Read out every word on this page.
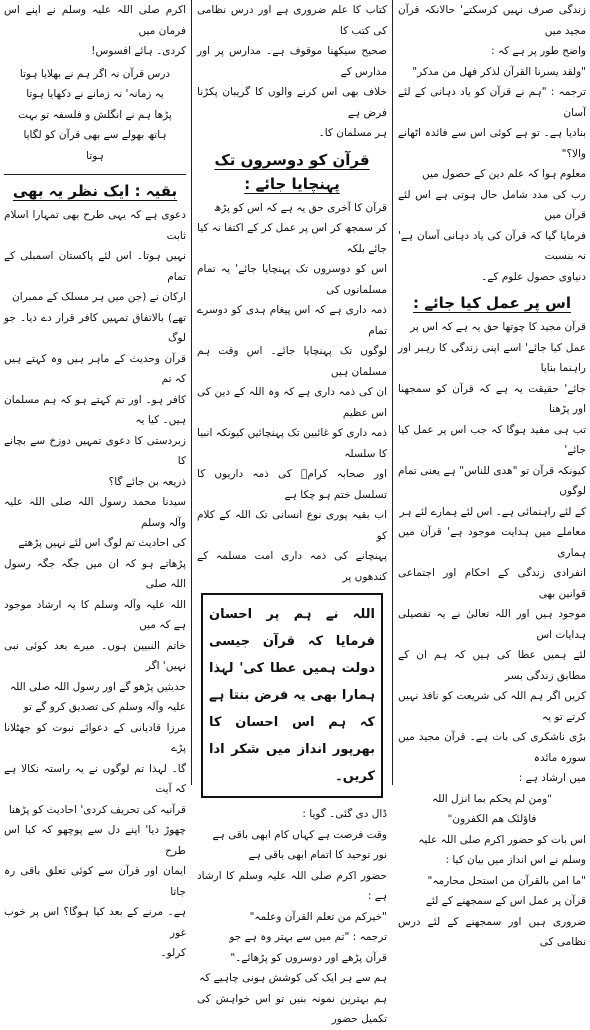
زندگی صرف نہیں کرسکتے' حالانکہ قرآن مجید میں

واضح طور پر ہے کہ :

"ولقد یسرنا القرآن لذکر فھل من مدکر"

ترجمہ : "ہم نے قرآن کو یاد دہانی کے لئے آسان

بنادیا ہے۔ تو ہے کوئی اس سے فائدہ اٹھانے والا؟"

معلوم ہوا کہ علم دین کے حصول میں

رب کی مدد شامل حال ہوتی ہے اس لئے قرآن میں

فرمایا گیا کہ قرآن کی یاد دہانی آسان ہے' نہ بنسبت

دنیاوی حصول علوم کے۔

اس پر عمل کیا جائے :

قرآن مجید کا چوتھا حق یہ ہے کہ اس پر

عمل کیا جائے' اسے اپنی زندگی کا رہبر اور راہنما بنایا

جائے' حقیقت یہ ہے کہ قرآن کو سمجھنا اور پڑھنا

تب ہی مفید ہوگا کہ جب اس پر عمل کیا جائے'

کیونکہ قرآن تو "ھدی للناس" ہے یعنی تمام لوگوں

کے لئے راہنمائی ہے۔ اس لئے ہمارے لئے ہر

معاملے میں ہدایت موجود ہے' قرآن میں ہماری

انفرادی زندگی کے احکام اور اجتماعی قوانین بھی

موجود ہیں اور اللہ تعالیٰ نے یہ تفصیلی ہدایات اس

لئے ہمیں عطا کی ہیں کہ ہم ان کے مطابق زندگی بسر

کریں اگر ہم اللہ کی شریعت کو نافذ نہیں کرتے تو یہ

بڑی ناشکری کی بات ہے۔ قرآن مجید میں سورہ مائدہ

میں ارشاد ہے :

"ومن لم یحکم بما انزل اللہ

فاؤلئک ھم الکفرون"

اس بات کو حضور اکرم صلی اللہ علیہ

وسلم نے اس انداز میں بیان کیا :

"ما امن بالقرآن من استحل محارمہ"

قرآن پر عمل اس کے سمجھنے کے لئے

ضروری ہیں اور سمجھنے کے لئے درس نظامی کی

کتاب کا علم ضروری ہے اور درس نظامی کی کتب کا

صحیح سیکھنا موقوف ہے۔ مدارس پر اور مدارس کے

خلاف بھی اس کرنے والوں کا گریبان پکڑنا فرض ہے

ہر مسلمان کا۔

قرآن کو دوسروں تک پہنچایا جائے :

قرآن کا آخری حق یہ ہے کہ اس کو پڑھ

کر سمجھ کر اس پر عمل کر کے اکتفا نہ کیا جائے بلکہ

اس کو دوسروں تک پہنچایا جائے' یہ تمام مسلمانوں کی

ذمہ داری ہے کہ اس پیغام ہدی کو دوسرے تمام

لوگوں تک پہنچایا جائے۔ اس وقت ہم مسلمان ہیں

ان کی ذمہ داری ہے کہ وہ اللہ کے دین کی اس عظیم

ذمہ داری کو غائبین تک پہنچائیں کیونکہ انبیا کا سلسلہ

اور صحابہ کرامؓ کی ذمہ داریوں کا تسلسل ختم ہو چکا ہے

اب بقیہ پوری نوع انسانی تک اللہ کے کلام کو

پہنچانے کی ذمہ داری امت مسلمہ کے کندھوں پر

اللہ نے ہم پر احسان فرمایا کہ قرآن جیسی دولت ہمیں عطا کی' لہذا ہمارا بھی یہ فرض بنتا ہے کہ ہم اس احسان کا بھرپور انداز میں شکر ادا کریں۔

ڈال دی گئی۔ گویا :

وقت فرصت ہے کہاں کام ابھی باقی ہے

نور توحید کا اتمام ابھی باقی ہے

حضور اکرم صلی اللہ علیہ وسلم کا ارشاد ہے :

"خیرکم من تعلم القرآن وعلمہ"

ترجمہ : "تم میں سے بہتر وہ ہے جو

قرآن پڑھے اور دوسروں کو پڑھائے۔"

ہم سے ہر ایک کی کوشش ہونی چاہیے کہ

ہم بہترین نمونہ بنیں تو اس خواہش کی تکمیل حضور

اکرم صلی اللہ علیہ وسلم نے اپنے اس فرمان میں

کردی۔ ہائے افسوس!

درس قرآن نہ اگر ہم نے بھلایا ہوتا

یہ زمانہ' نہ زمانے نے دکھایا ہوتا

پڑھا ہم نے انگلش و فلسفہ تو بہت

ہاتھ بھولے سے بھی قرآن کو لگایا ہوتا

بقیہ : ایک نظر یہ بھی

دعوی ہے کہ یہی طرح بھی تمہارا اسلام ثابت

نہیں ہوتا۔ اس لئے پاکستان اسمبلی کے تمام

ارکان نے (جن میں ہر مسلک کے ممبران

تھے) بالاتفاق تمہیں کافر قرار دے دیا۔ جو لوگ

قرآن وحدیث کے ماہر ہیں وہ کہتے ہیں کہ تم

کافر ہو۔ اور تم کہتے ہو کہ ہم مسلمان ہیں۔ کیا یہ

زبردستی کا دعوی تمہیں دوزخ سے بچانے کا

ذریعہ بن جائے گا؟

سیدنا محمد رسول اللہ صلی اللہ علیہ وآلہ وسلم

کی احادیث تم لوگ اس لئے نہیں پڑھتے

پڑھاتے ہو کہ ان میں جگہ جگہ رسول اللہ صلی

اللہ علیہ وآلہ وسلم کا یہ ارشاد موجود ہے کہ میں

خاتم النبیین ہوں۔ میرے بعد کوئی نبی نہیں' اگر

حدیثیں پڑھو گے اور رسول اللہ صلی اللہ

علیہ وآلہ وسلم کی تصدیق کرو گے تو

مرزا قادیانی کے دعوائے نبوت کو جھٹلانا پڑے

گا۔ لہذا تم لوگوں نے یہ راستہ نکالا ہے کہ آیت

قرآنیہ کی تحریف کردی' احادیث کو پڑھنا

چھوڑ دیا' اپنے دل سے پوچھو کہ کیا اس طرح

ایمان اور قرآن سے کوئی تعلق باقی رہ جاتا

ہے۔ مرنے کے بعد کیا ہوگا؟ اس پر خوب غور

کرلو۔
